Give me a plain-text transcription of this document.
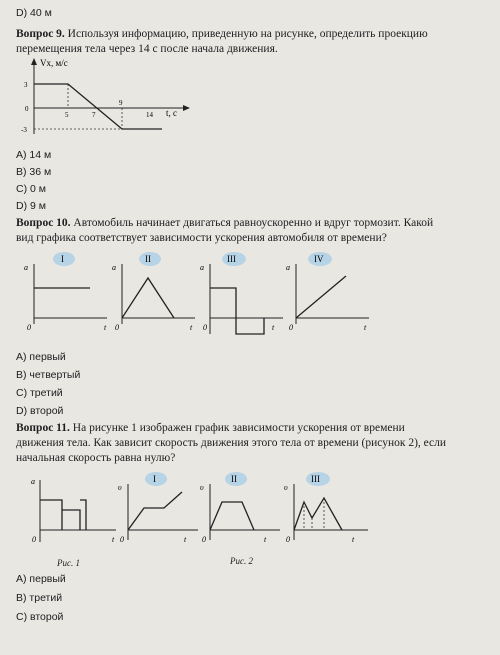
D) 40 м
Вопрос 9. Используя информацию, приведенную на рисунке, определить проекцию
перемещения тела через 14 с после начала движения.
Vx, м/с
t, c
3
0
-3
5	7
9
14
A) 14 м
B) 36 м
C) 0 м
D) 9 м
Вопрос 10. Автомобиль начинает двигаться равноускоренно и вдруг тормозит. Какой
вид графика соответствует зависимости ускорения автомобиля от времени?
I
a
t
0
II
a
t
0
III
a
t
0
IV
a
t
0
A) первый
B) четвертый
C) третий
D) второй
Вопрос 11. На рисунке 1 изображен график зависимости ускорения от времени
движения тела. Как зависит скорость движения этого тела от времени (рисунок 2), если
начальная скорость равна нулю?
a
t
0
I
υ
t
0
II
υ
t
0
III
υ
t
0
Рис. 1	Рис. 2
A) первый
B) третий
C) второй
